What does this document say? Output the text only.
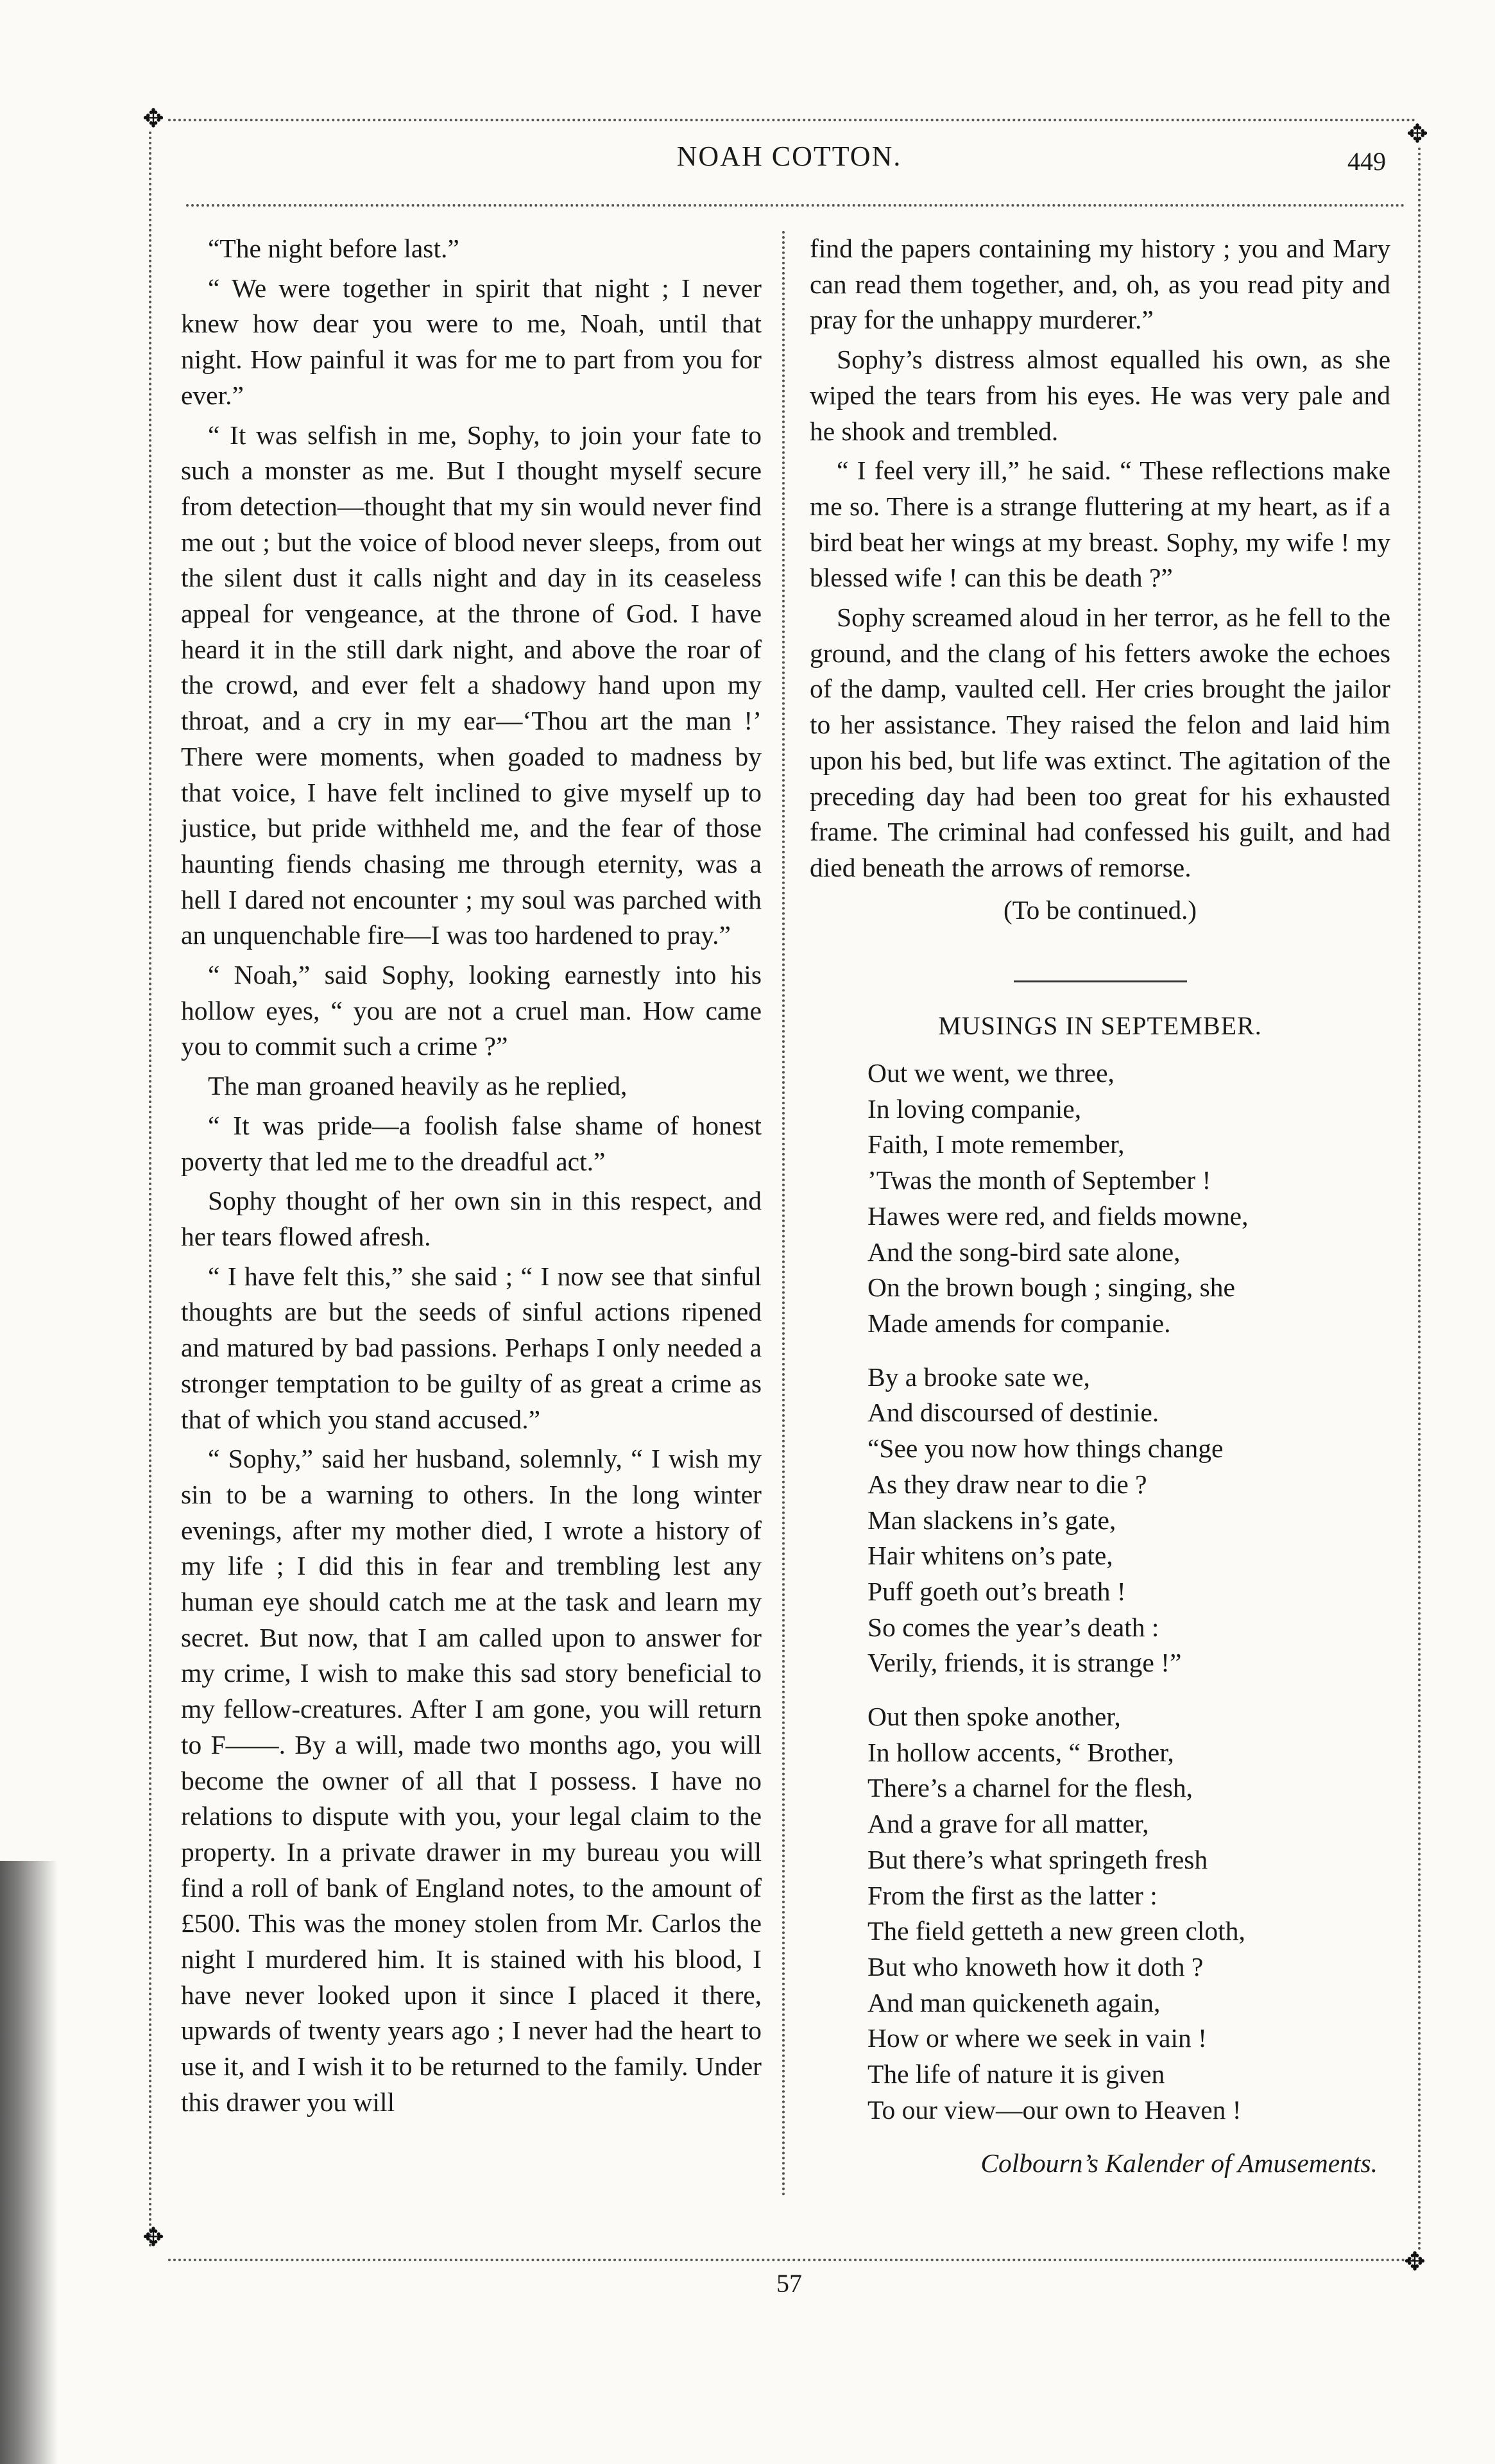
✥
✥
✥
✥
NOAH COTTON.	449

“The night before last.”

“ We were together in spirit that night ; I never knew how dear you were to me, Noah, until that night. How painful it was for me to part from you for ever.”

“ It was selfish in me, Sophy, to join your fate to such a monster as me. But I thought myself secure from detection—thought that my sin would never find me out ; but the voice of blood never sleeps, from out the silent dust it calls night and day in its ceaseless appeal for vengeance, at the throne of God. I have heard it in the still dark night, and above the roar of the crowd, and ever felt a shadowy hand upon my throat, and a cry in my ear—‘Thou art the man !’ There were moments, when goaded to madness by that voice, I have felt inclined to give myself up to justice, but pride withheld me, and the fear of those haunting fiends chasing me through eternity, was a hell I dared not encounter ; my soul was parched with an unquenchable fire—I was too hardened to pray.”

“ Noah,” said Sophy, looking earnestly into his hollow eyes, “ you are not a cruel man. How came you to commit such a crime ?”

The man groaned heavily as he replied,

“ It was pride—a foolish false shame of honest poverty that led me to the dreadful act.”

Sophy thought of her own sin in this respect, and her tears flowed afresh.

“ I have felt this,” she said ; “ I now see that sinful thoughts are but the seeds of sinful actions ripened and matured by bad passions. Perhaps I only needed a stronger temptation to be guilty of as great a crime as that of which you stand accused.”

“ Sophy,” said her husband, solemnly, “ I wish my sin to be a warning to others. In the long winter evenings, after my mother died, I wrote a history of my life ; I did this in fear and trembling lest any human eye should catch me at the task and learn my secret. But now, that I am called upon to answer for my crime, I wish to make this sad story beneficial to my fellow-creatures. After I am gone, you will return to F——. By a will, made two months ago, you will become the owner of all that I possess. I have no relations to dispute with you, your legal claim to the property. In a private drawer in my bureau you will find a roll of bank of England notes, to the amount of £500. This was the money stolen from Mr. Carlos the night I murdered him. It is stained with his blood, I have never looked upon it since I placed it there, upwards of twenty years ago ; I never had the heart to use it, and I wish it to be returned to the family. Under this drawer you will

find the papers containing my history ; you and Mary can read them together, and, oh, as you read pity and pray for the unhappy murderer.”

Sophy’s distress almost equalled his own, as she wiped the tears from his eyes. He was very pale and he shook and trembled.

“ I feel very ill,” he said. “ These reflections make me so. There is a strange fluttering at my heart, as if a bird beat her wings at my breast. Sophy, my wife ! my blessed wife ! can this be death ?”

Sophy screamed aloud in her terror, as he fell to the ground, and the clang of his fetters awoke the echoes of the damp, vaulted cell. Her cries brought the jailor to her assistance. They raised the felon and laid him upon his bed, but life was extinct. The agitation of the preceding day had been too great for his exhausted frame. The criminal had confessed his guilt, and had died beneath the arrows of remorse.

(To be continued.)
MUSINGS IN SEPTEMBER.
Out we went, we three,
In loving companie,
Faith, I mote remember,
’Twas the month of September !
Hawes were red, and fields mowne,
And the song-bird sate alone,
On the brown bough ; singing, she
Made amends for companie.
By a brooke sate we,
And discoursed of destinie.
“See you now how things change
As they draw near to die ?
Man slackens in’s gate,
Hair whitens on’s pate,
Puff goeth out’s breath !
So comes the year’s death :
Verily, friends, it is strange !”
Out then spoke another,
In hollow accents, “ Brother,
There’s a charnel for the flesh,
And a grave for all matter,
But there’s what springeth fresh
From the first as the latter :
The field getteth a new green cloth,
But who knoweth how it doth ?
And man quickeneth again,
How or where we seek in vain !
The life of nature it is given
To our view—our own to Heaven !
Colbourn’s Kalender of Amusements.
57
